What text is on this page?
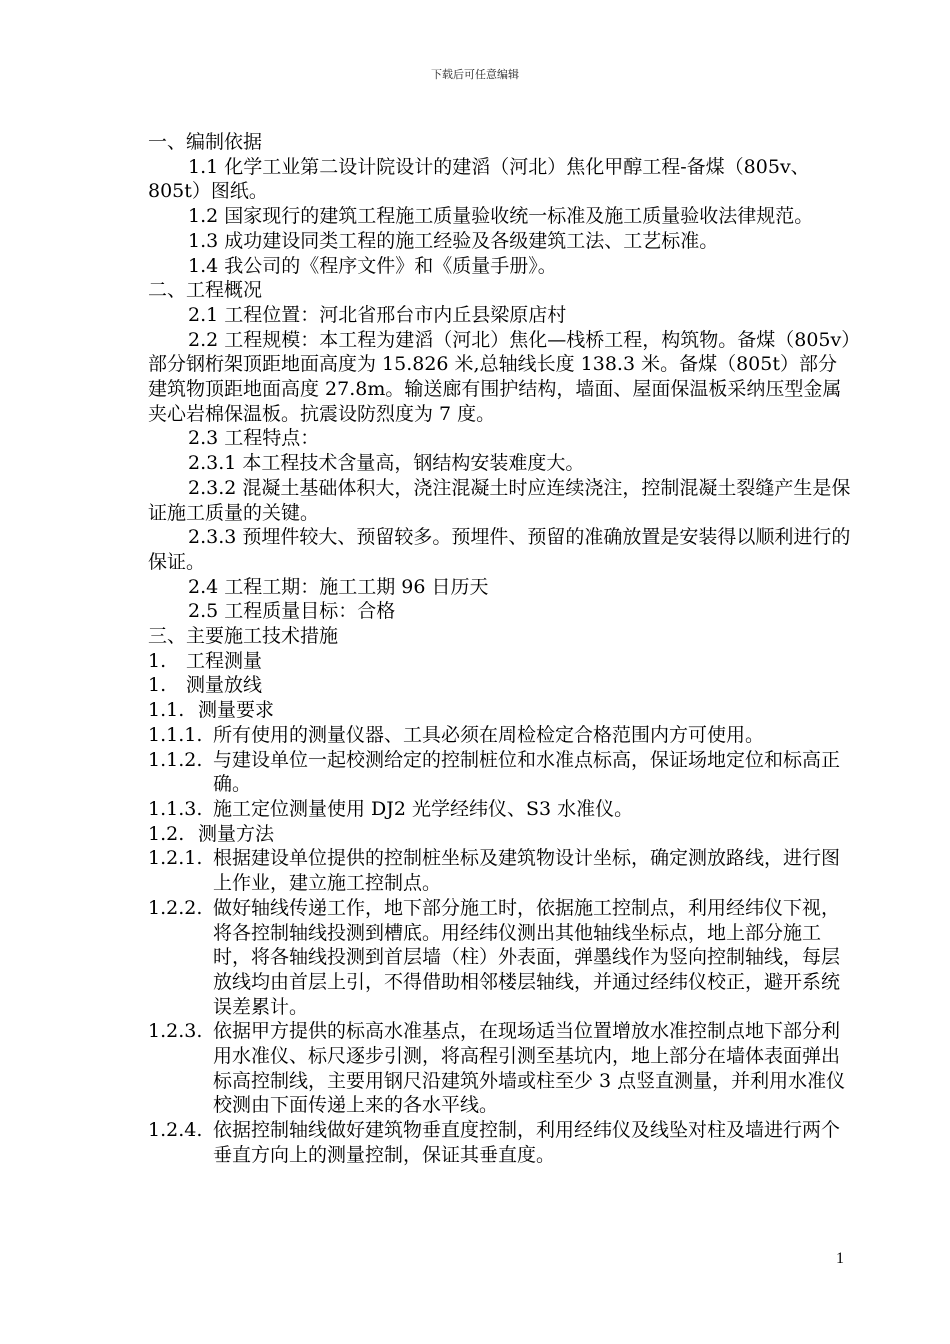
下载后可任意编辑
一、编制依据
1.1 化学工业第二设计院设计的建滔（河北）焦化甲醇工程-备煤（805v、805t）图纸。
1.2 国家现行的建筑工程施工质量验收统一标准及施工质量验收法律规范。
1.3 成功建设同类工程的施工经验及各级建筑工法、工艺标准。
1.4 我公司的《程序文件》和《质量手册》。
二、工程概况
2.1 工程位置：河北省邢台市内丘县梁原店村
2.2 工程规模：本工程为建滔（河北）焦化—栈桥工程，构筑物。备煤（805v）部分钢桁架顶距地面高度为 15.826 米,总轴线长度 138.3 米。备煤（805t）部分建筑物顶距地面高度 27.8m。输送廊有围护结构，墙面、屋面保温板采纳压型金属夹心岩棉保温板。抗震设防烈度为 7 度。
2.3 工程特点：
2.3.1 本工程技术含量高，钢结构安装难度大。
2.3.2 混凝土基础体积大，浇注混凝土时应连续浇注，控制混凝土裂缝产生是保证施工质量的关键。
2.3.3 预埋件较大、预留较多。预埋件、预留的准确放置是安装得以顺利进行的保证。
2.4 工程工期：施工工期 96 日历天
2.5 工程质量目标：合格
三、主要施工技术措施
1. 工程测量
1. 测量放线
1.1. 测量要求
1.1.1. 所有使用的测量仪器、工具必须在周检检定合格范围内方可使用。
1.1.2. 与建设单位一起校测给定的控制桩位和水准点标高，保证场地定位和标高正确。
1.1.3. 施工定位测量使用 DJ2 光学经纬仪、S3 水准仪。
1.2. 测量方法
1.2.1. 根据建设单位提供的控制桩坐标及建筑物设计坐标，确定测放路线，进行图上作业，建立施工控制点。
1.2.2. 做好轴线传递工作，地下部分施工时，依据施工控制点，利用经纬仪下视，将各控制轴线投测到槽底。用经纬仪测出其他轴线坐标点，地上部分施工时，将各轴线投测到首层墙（柱）外表面，弹墨线作为竖向控制轴线，每层放线均由首层上引，不得借助相邻楼层轴线，并通过经纬仪校正，避开系统误差累计。
1.2.3. 依据甲方提供的标高水准基点，在现场适当位置增放水准控制点地下部分利用水准仪、标尺逐步引测，将高程引测至基坑内，地上部分在墙体表面弹出标高控制线，主要用钢尺沿建筑外墙或柱至少 3 点竖直测量，并利用水准仪校测由下面传递上来的各水平线。
1.2.4. 依据控制轴线做好建筑物垂直度控制，利用经纬仪及线坠对柱及墙进行两个垂直方向上的测量控制，保证其垂直度。
1
